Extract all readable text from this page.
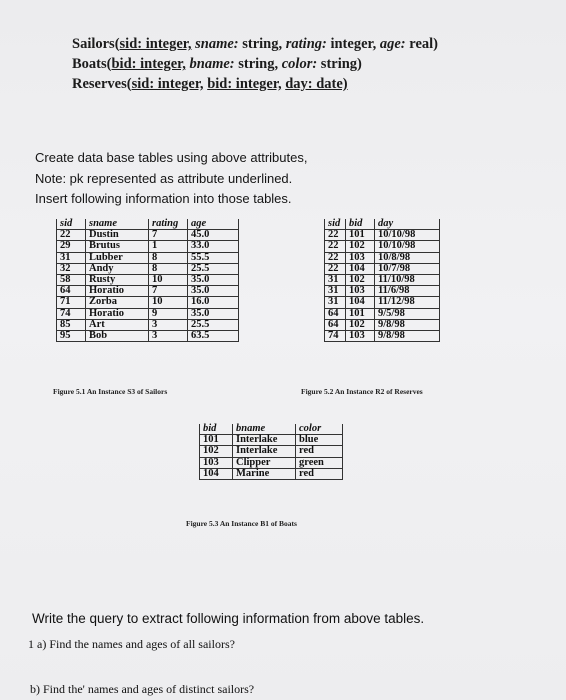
Sailors(sid: integer, sname: string, rating: integer, age: real)
Boats(bid: integer, bname: string, color: string)
Reserves(sid: integer, bid: integer, day: date)
Create data base tables using above attributes,
Note: pk represented as attribute underlined.
Insert following information into those tables.
sid	sname	rating	age
22	Dustin	7	45.0
29	Brutus	1	33.0
31	Lubber	8	55.5
32	Andy	8	25.5
58	Rusty	10	35.0
64	Horatio	7	35.0
71	Zorba	10	16.0
74	Horatio	9	35.0
85	Art	3	25.5
95	Bob	3	63.5
Figure 5.1 An Instance S3 of Sailors
sid	bid	day
22	101	10/10/98
22	102	10/10/98
22	103	10/8/98
22	104	10/7/98
31	102	11/10/98
31	103	11/6/98
31	104	11/12/98
64	101	9/5/98
64	102	9/8/98
74	103	9/8/98
Figure 5.2 An Instance R2 of Reserves
bid	bname	color
101	Interlake	blue
102	Interlake	red
103	Clipper	green
104	Marine	red
Figure 5.3 An Instance B1 of Boats
Write the query to extract following information from above tables.
1 a) Find the names and ages of all sailors?
b) Find the' names and ages of distinct sailors?
